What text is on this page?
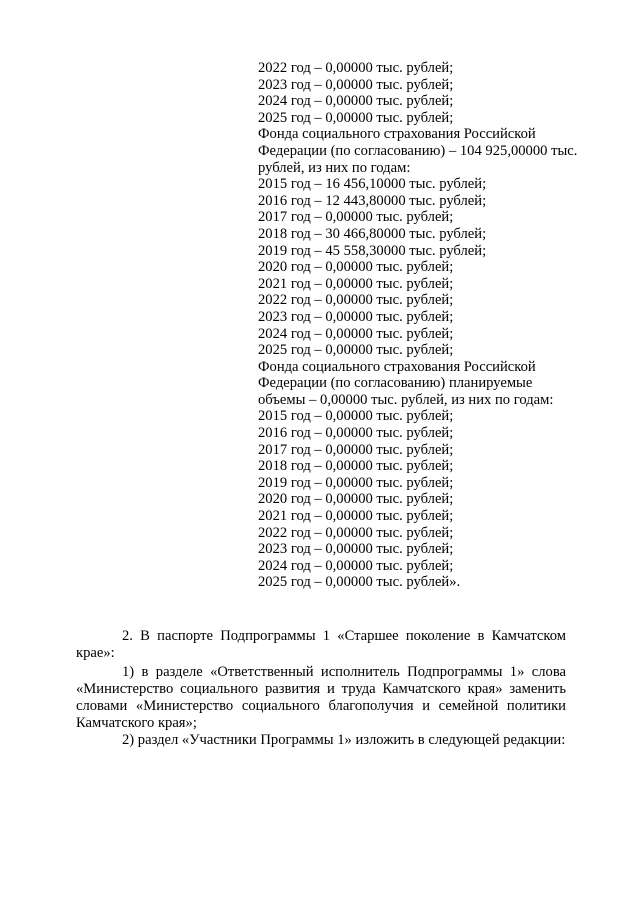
2022 год – 0,00000 тыс. рублей;
2023 год – 0,00000 тыс. рублей;
2024 год – 0,00000 тыс. рублей;
2025 год – 0,00000 тыс. рублей;
Фонда социального страхования Российской
Федерации (по согласованию) – 104 925,00000 тыс.
рублей, из них по годам:
2015 год – 16 456,10000 тыс. рублей;
2016 год – 12 443,80000 тыс. рублей;
2017 год – 0,00000 тыс. рублей;
2018 год – 30 466,80000 тыс. рублей;
2019 год – 45 558,30000 тыс. рублей;
2020 год – 0,00000 тыс. рублей;
2021 год – 0,00000 тыс. рублей;
2022 год – 0,00000 тыс. рублей;
2023 год – 0,00000 тыс. рублей;
2024 год – 0,00000 тыс. рублей;
2025 год – 0,00000 тыс. рублей;
Фонда социального страхования Российской
Федерации (по согласованию) планируемые
объемы – 0,00000 тыс. рублей, из них по годам:
2015 год – 0,00000 тыс. рублей;
2016 год – 0,00000 тыс. рублей;
2017 год – 0,00000 тыс. рублей;
2018 год – 0,00000 тыс. рублей;
2019 год – 0,00000 тыс. рублей;
2020 год – 0,00000 тыс. рублей;
2021 год – 0,00000 тыс. рублей;
2022 год – 0,00000 тыс. рублей;
2023 год – 0,00000 тыс. рублей;
2024 год – 0,00000 тыс. рублей;
2025 год – 0,00000 тыс. рублей».

2. В паспорте Подпрограммы 1 «Старшее поколение в Камчатском крае»:

1) в разделе «Ответственный исполнитель Подпрограммы 1» слова «Министерство социального развития и труда Камчатского края» заменить словами «Министерство социального благополучия и семейной политики Камчатского края»;

2) раздел «Участники Программы 1» изложить в следующей редакции:
